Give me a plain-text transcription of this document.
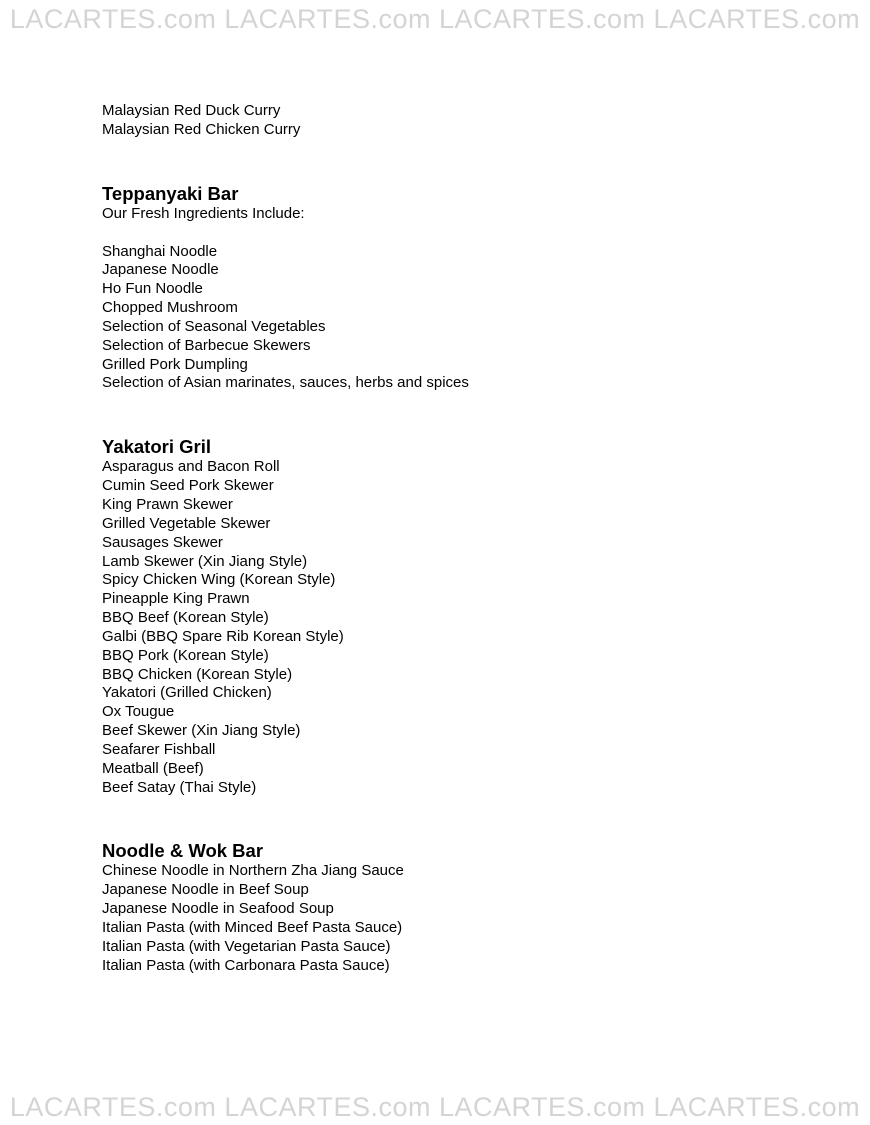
LACARTES.com LACARTES.com LACARTES.com LACARTES.com
Malaysian Red Duck Curry
Malaysian Red Chicken Curry
Teppanyaki Bar

Our Fresh Ingredients Include:

Shanghai Noodle
Japanese Noodle
Ho Fun Noodle
Chopped Mushroom
Selection of Seasonal Vegetables
Selection of Barbecue Skewers
Grilled Pork Dumpling
Selection of Asian marinates, sauces, herbs and spices
Yakatori Gril
Asparagus and Bacon Roll
Cumin Seed Pork Skewer
King Prawn Skewer
Grilled Vegetable Skewer
Sausages Skewer
Lamb Skewer (Xin Jiang Style)
Spicy Chicken Wing (Korean Style)
Pineapple King Prawn
BBQ Beef (Korean Style)
Galbi (BBQ Spare Rib Korean Style)
BBQ Pork (Korean Style)
BBQ Chicken (Korean Style)
Yakatori (Grilled Chicken)
Ox Tougue
Beef Skewer (Xin Jiang Style)
Seafarer Fishball
Meatball (Beef)
Beef Satay (Thai Style)
Noodle & Wok Bar
Chinese Noodle in Northern Zha Jiang Sauce
Japanese Noodle in Beef Soup
Japanese Noodle in Seafood Soup
Italian Pasta (with Minced Beef Pasta Sauce)
Italian Pasta (with Vegetarian Pasta Sauce)
Italian Pasta (with Carbonara Pasta Sauce)
LACARTES.com LACARTES.com LACARTES.com LACARTES.com
